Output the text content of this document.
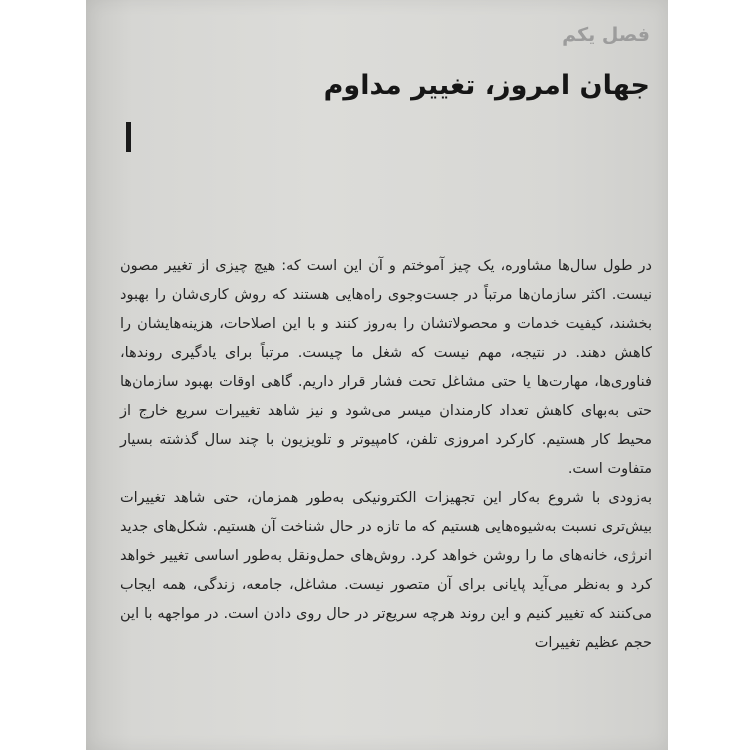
فصل یکم
جهان امروز، تغییر مداوم

در طول سال‌ها مشاوره، یک چیز آموختم و آن این است که: هیچ چیزی از تغییر مصون نیست. اکثر سازمان‌ها مرتباً در جست‌وجوی راه‌هایی هستند که روش کاری‌شان را بهبود بخشند، کیفیت خدمات و محصولاتشان را به‌روز کنند و با این اصلاحات، هزینه‌هایشان را کاهش دهند. در نتیجه، مهم نیست که شغل ما چیست. مرتباً برای یادگیری روندها، فناوری‌ها، مهارت‌ها یا حتی مشاغل تحت فشار قرار داریم. گاهی اوقات بهبود سازمان‌ها حتی به‌بهای کاهش تعداد کارمندان میسر می‌شود و نیز شاهد تغییرات سریع خارج از محیط کار هستیم. کارکرد امروزی تلفن، کامپیوتر و تلویزیون با چند سال گذشته بسیار متفاوت است.

به‌زودی با شروع به‌کار این تجهیزات الکترونیکی به‌طور همزمان، حتی شاهد تغییرات بیش‌تری نسبت به‌شیوه‌هایی هستیم که ما تازه در حال شناخت آن هستیم. شکل‌های جدید انرژی، خانه‌های ما را روشن خواهد کرد. روش‌های حمل‌ونقل به‌طور اساسی تغییر خواهد کرد و به‌نظر می‌آید پایانی برای آن متصور نیست. مشاغل، جامعه، زندگی، همه ایجاب می‌کنند که تغییر کنیم و این روند هرچه سریع‌تر در حال روی دادن است. در مواجهه با این حجم عظیم تغییرات
